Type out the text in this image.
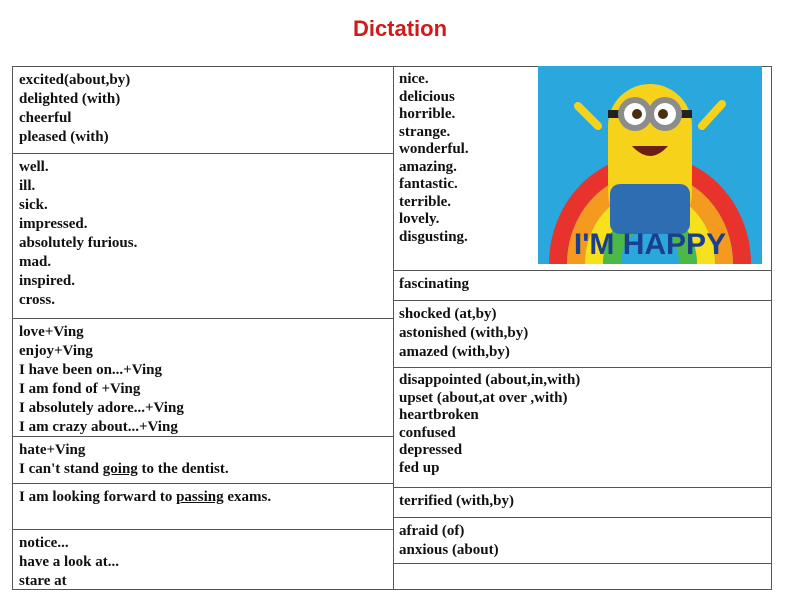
Dictation
excited(about,by)
delighted (with)
cheerful
pleased (with)
well.
ill.
sick.
impressed.
absolutely furious.
mad.
inspired.
cross.
love+Ving
enjoy+Ving
I have been on...+Ving
I am fond of +Ving
I absolutely adore...+Ving
I am crazy about...+Ving
hate+Ving
I can't stand going to the dentist.
I am looking forward to passing exams.
notice...
have a look at...
stare at
nice.
delicious
horrible.
strange.
wonderful.
amazing.
fantastic.
terrible.
lovely.
disgusting.
fascinating
shocked (at,by)
astonished (with,by)
amazed (with,by)
disappointed (about,in,with)
upset (about,at over ,with)
heartbroken
confused
depressed
fed up
terrified (with,by)
afraid (of)
anxious (about)
I'M HAPPY
